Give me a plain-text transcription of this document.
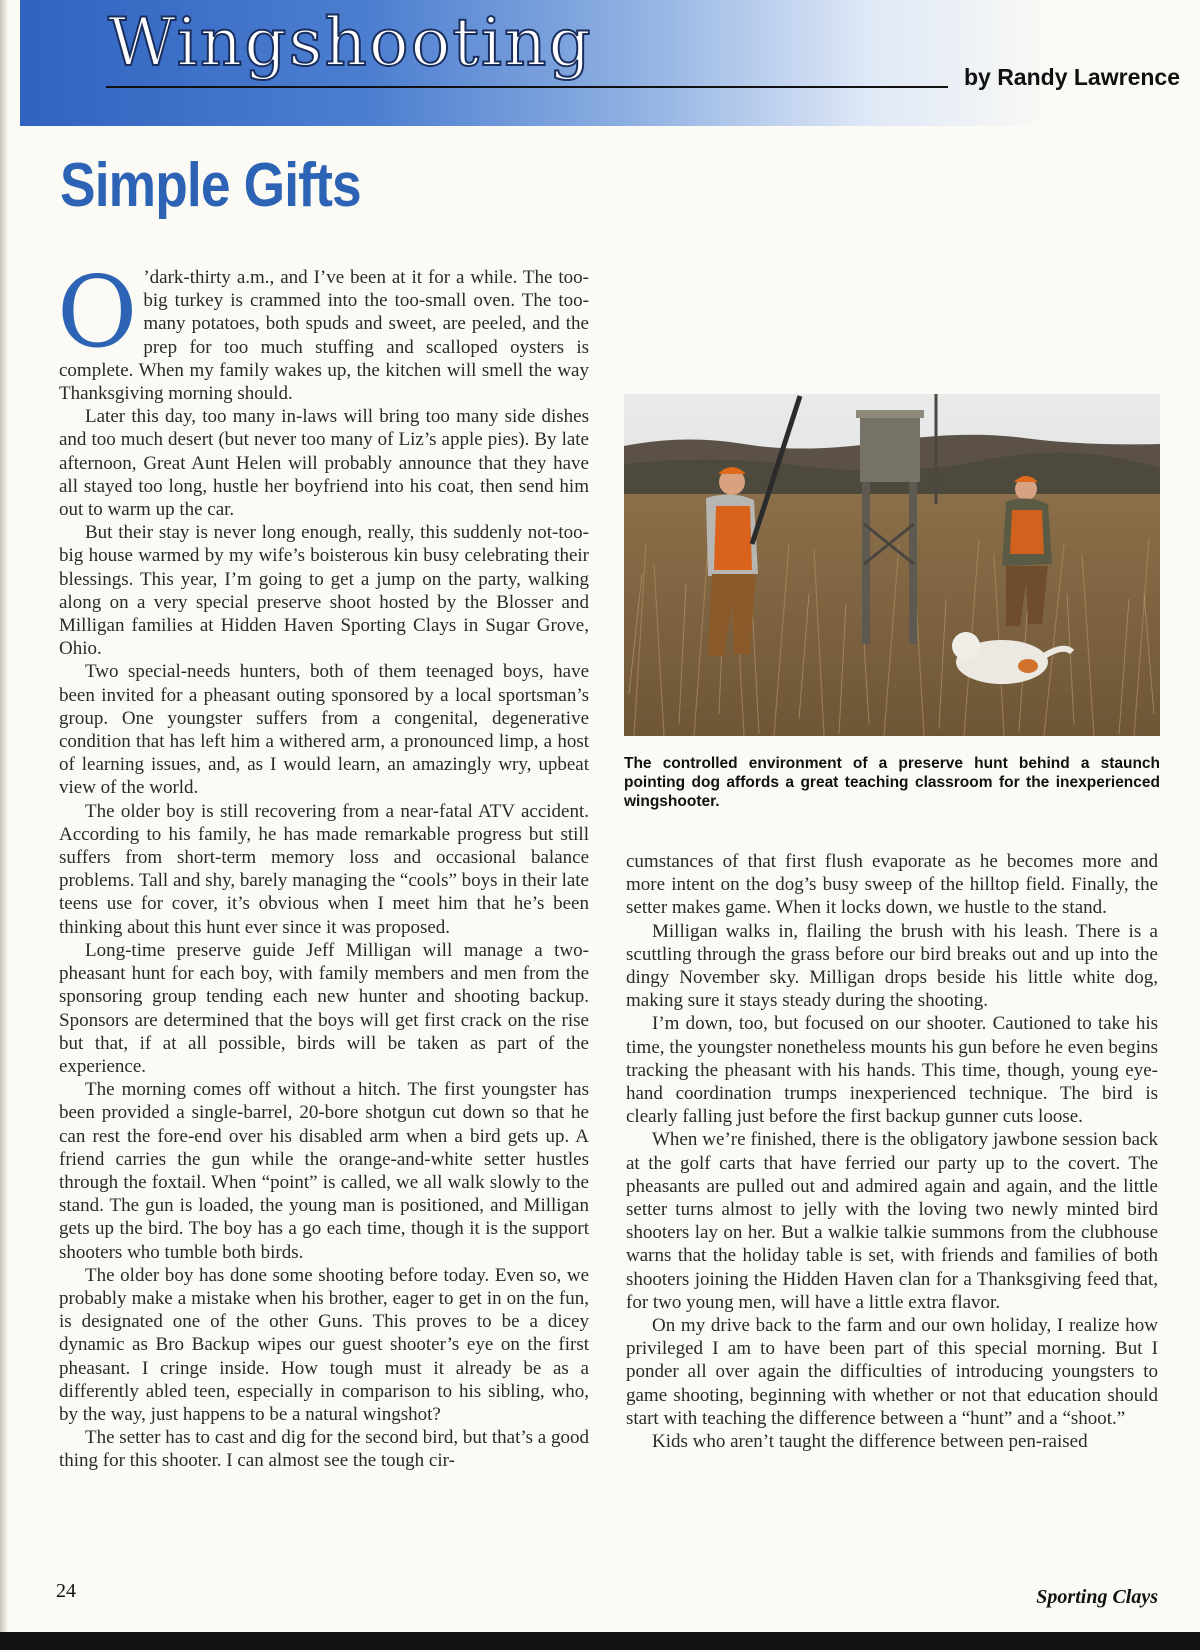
Wingshooting	by Randy Lawrence
Simple Gifts

O ’dark-thirty a.m., and I’ve been at it for a while. The too-big turkey is crammed into the too-small oven. The too-many potatoes, both spuds and sweet, are peeled, and the prep for too much stuffing and scalloped oysters is complete. When my family wakes up, the kitchen will smell the way Thanksgiving morning should.

Later this day, too many in-laws will bring too many side dishes and too much desert (but never too many of Liz’s apple pies). By late afternoon, Great Aunt Helen will probably announce that they have all stayed too long, hustle her boyfriend into his coat, then send him out to warm up the car.

But their stay is never long enough, really, this suddenly not-too-big house warmed by my wife’s boisterous kin busy celebrating their blessings. This year, I’m going to get a jump on the party, walking along on a very special preserve shoot hosted by the Blosser and Milligan families at Hidden Haven Sporting Clays in Sugar Grove, Ohio.

Two special-needs hunters, both of them teenaged boys, have been invited for a pheasant outing sponsored by a local sportsman’s group. One youngster suffers from a congenital, degenerative condition that has left him a withered arm, a pronounced limp, a host of learning issues, and, as I would learn, an amazingly wry, upbeat view of the world.

The older boy is still recovering from a near-fatal ATV accident. According to his family, he has made remarkable progress but still suffers from short-term memory loss and occasional balance problems. Tall and shy, barely managing the “cools” boys in their late teens use for cover, it’s obvious when I meet him that he’s been thinking about this hunt ever since it was proposed.

Long-time preserve guide Jeff Milligan will manage a two-pheasant hunt for each boy, with family members and men from the sponsoring group tending each new hunter and shooting backup. Sponsors are determined that the boys will get first crack on the rise but that, if at all possible, birds will be taken as part of the experience.

The morning comes off without a hitch. The first youngster has been provided a single-barrel, 20-bore shotgun cut down so that he can rest the fore-end over his disabled arm when a bird gets up. A friend carries the gun while the orange-and-white setter hustles through the foxtail. When “point” is called, we all walk slowly to the stand. The gun is loaded, the young man is positioned, and Milligan gets up the bird. The boy has a go each time, though it is the support shooters who tumble both birds.

The older boy has done some shooting before today. Even so, we probably make a mistake when his brother, eager to get in on the fun, is designated one of the other Guns. This proves to be a dicey dynamic as Bro Backup wipes our guest shooter’s eye on the first pheasant. I cringe inside. How tough must it already be as a differently abled teen, especially in comparison to his sibling, who, by the way, just happens to be a natural wingshot?

The setter has to cast and dig for the second bird, but that’s a good thing for this shooter. I can almost see the tough cir-

The controlled environment of a preserve hunt behind a staunch pointing dog affords a great teaching classroom for the inexperienced wingshooter.

cumstances of that first flush evaporate as he becomes more and more intent on the dog’s busy sweep of the hilltop field. Finally, the setter makes game. When it locks down, we hustle to the stand.

Milligan walks in, flailing the brush with his leash. There is a scuttling through the grass before our bird breaks out and up into the dingy November sky. Milligan drops beside his little white dog, making sure it stays steady during the shooting.

I’m down, too, but focused on our shooter. Cautioned to take his time, the youngster nonetheless mounts his gun before he even begins tracking the pheasant with his hands. This time, though, young eye-hand coordination trumps inexperienced technique. The bird is clearly falling just before the first backup gunner cuts loose.

When we’re finished, there is the obligatory jawbone session back at the golf carts that have ferried our party up to the covert. The pheasants are pulled out and admired again and again, and the little setter turns almost to jelly with the loving two newly minted bird shooters lay on her. But a walkie talkie summons from the clubhouse warns that the holiday table is set, with friends and families of both shooters joining the Hidden Haven clan for a Thanksgiving feed that, for two young men, will have a little extra flavor.

On my drive back to the farm and our own holiday, I realize how privileged I am to have been part of this special morning. But I ponder all over again the difficulties of introducing youngsters to game shooting, beginning with whether or not that education should start with teaching the difference between a “hunt” and a “shoot.”

Kids who aren’t taught the difference between pen-raised

24	Sporting Clays
